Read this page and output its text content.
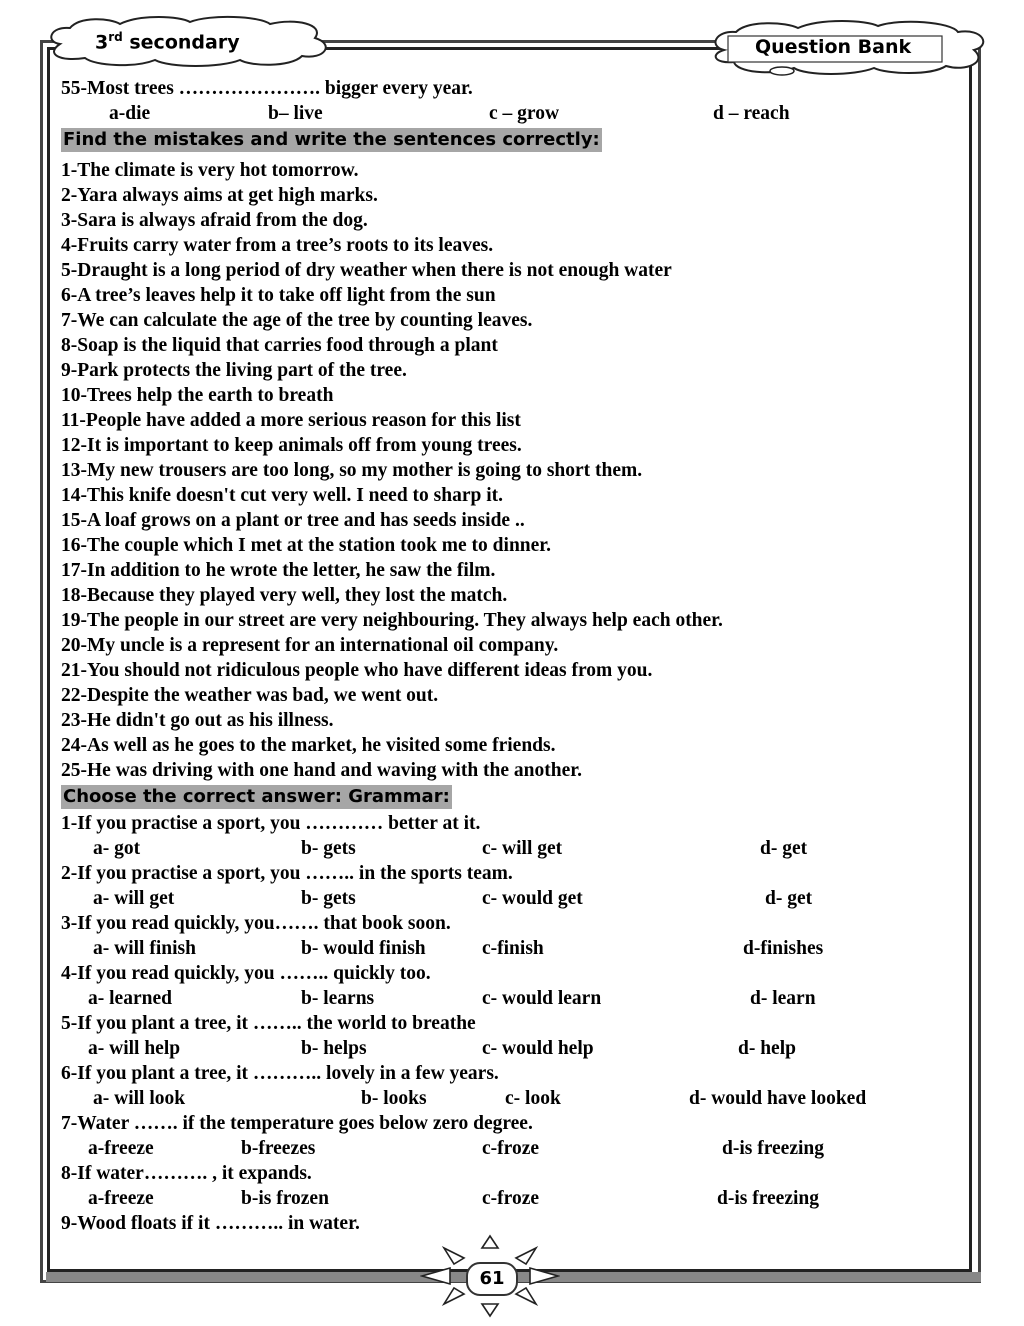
3rd secondary	Question Bank
55-Most trees …………………. bigger every year.
a-die	b– live	c – grow	d – reach
Find the mistakes and write the sentences correctly:
1-The climate is very hot tomorrow.
2-Yara always aims at get high marks.
3-Sara is always afraid from the dog.
4-Fruits carry water from a tree’s roots to its leaves.
5-Draught is a long period of dry weather when there is not enough water
6-A tree’s leaves help it to take off light from the sun
7-We can calculate the age of the tree by counting leaves.
8-Soap is the liquid that carries food through a plant
9-Park protects the living part of the tree.
10-Trees help the earth to breath
11-People have added a more serious reason for this list
12-It is important to keep animals off from young trees.
13-My new trousers are too long, so my mother is going to short them.
14-This knife doesn't cut very well. I need to sharp it.
15-A loaf grows on a plant or tree and has seeds inside ..
16-The couple which I met at the station took me to dinner.
17-In addition to he wrote the letter, he saw the film.
18-Because they played very well, they lost the match.
19-The people in our street are very neighbouring. They always help each other.
20-My uncle is a represent for an international oil company.
21-You should not ridiculous people who have different ideas from you.
22-Despite the weather was bad, we went out.
23-He didn't go out as his illness.
24-As well as he goes to the market, he visited some friends.
25-He was driving with one hand and waving with the another.
Choose the correct answer: Grammar:
1-If you practise a sport, you ………… better at it.
a- got	b- gets	c- will get	d- get
2-If you practise a sport, you …….. in the sports team.
a- will get	b- gets	c- would get	d- get
3-If you read quickly, you……. that book soon.
a- will finish	b- would finish	c-finish	d-finishes
4-If you read quickly, you …….. quickly too.
a- learned	b- learns	c- would learn	d- learn
5-If you plant a tree, it …….. the world to breathe
a- will help	b- helps	c- would help	d- help
6-If you plant a tree, it ……….. lovely in a few years.
a- will look	b- looks	c- look	d- would have looked
7-Water ……. if the temperature goes below zero degree.
a-freeze	b-freezes	c-froze	d-is freezing
8-If water………. , it expands.
a-freeze	b-is frozen	c-froze	d-is freezing
9-Wood floats if it ……….. in water.
61
